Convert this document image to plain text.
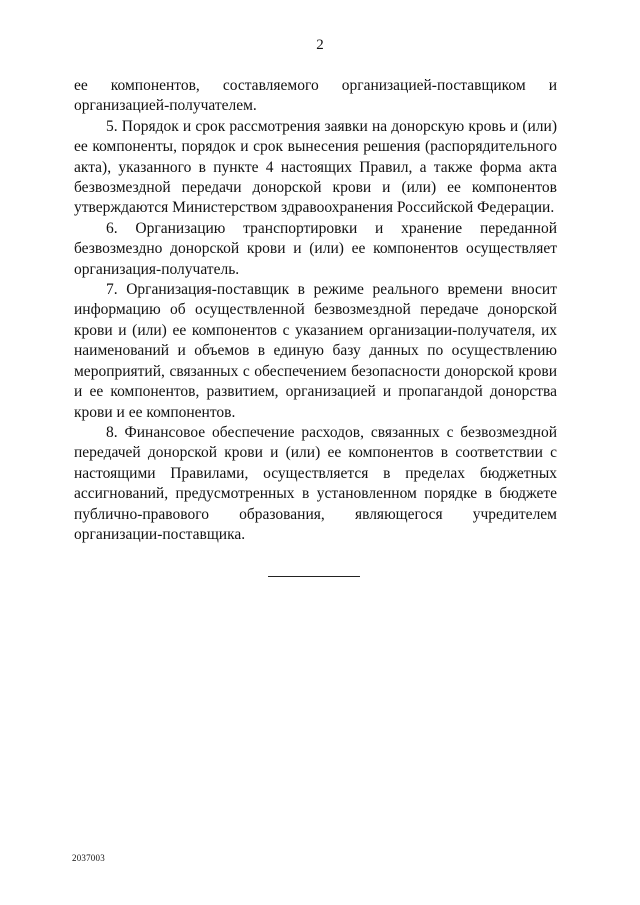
2

ее компонентов, составляемого организацией-поставщиком и организацией-получателем.

5. Порядок и срок рассмотрения заявки на донорскую кровь и (или) ее компоненты, порядок и срок вынесения решения (распорядительного акта), указанного в пункте 4 настоящих Правил, а также форма акта безвозмездной передачи донорской крови и (или) ее компонентов утверждаются Министерством здравоохранения Российской Федерации.

6. Организацию транспортировки и хранение переданной безвозмездно донорской крови и (или) ее компонентов осуществляет организация-получатель.

7. Организация-поставщик в режиме реального времени вносит информацию об осуществленной безвозмездной передаче донорской крови и (или) ее компонентов с указанием организации-получателя, их наименований и объемов в единую базу данных по осуществлению мероприятий, связанных с обеспечением безопасности донорской крови и ее компонентов, развитием, организацией и пропагандой донорства крови и ее компонентов.

8. Финансовое обеспечение расходов, связанных с безвозмездной передачей донорской крови и (или) ее компонентов в соответствии с настоящими Правилами, осуществляется в пределах бюджетных ассигнований, предусмотренных в установленном порядке в бюджете публично-правового образования, являющегося учредителем организации-поставщика.

2037003
